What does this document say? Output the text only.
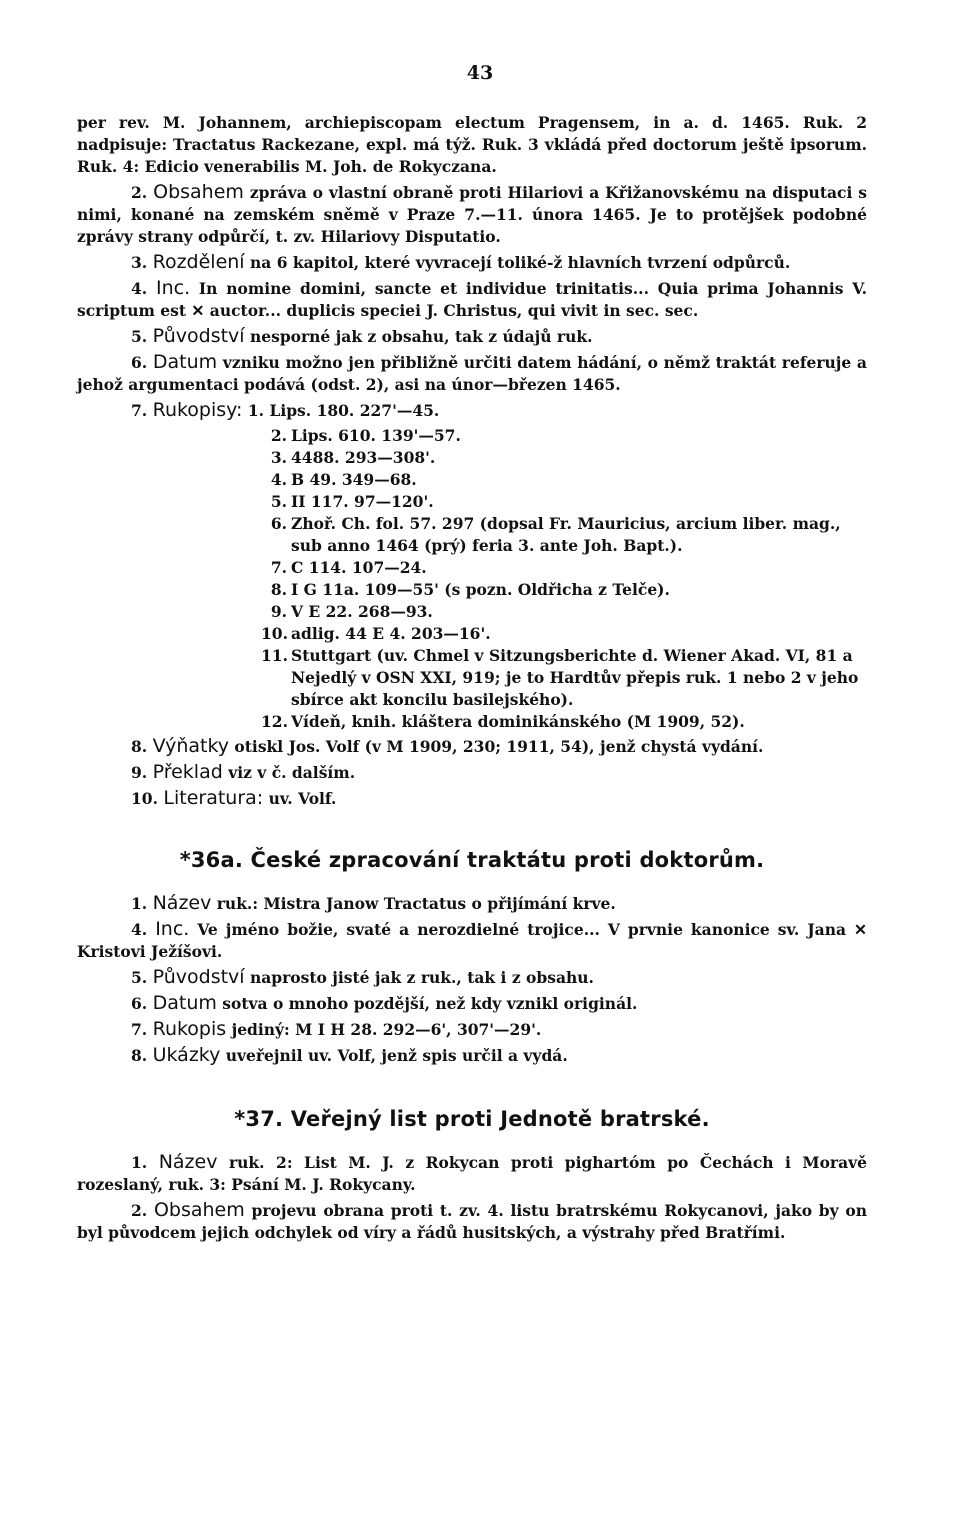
43

per rev. M. Johannem, archiepiscopam electum Pragensem, in a. d. 1465. Ruk. 2 nadpisuje: Tractatus Rackezane, expl. má týž. Ruk. 3 vkládá před doctorum ještě ipsorum. Ruk. 4: Edicio venerabilis M. Joh. de Rokyczana.

2. Obsahem zpráva o vlastní obraně proti Hilariovi a Křižanovskému na disputaci s nimi, konané na zemském sněmě v Praze 7.—11. února 1465. Je to protějšek podobné zprávy strany odpůrčí, t. zv. Hilariovy Disputatio.

3. Rozdělení na 6 kapitol, které vyvracejí toliké-ž hlavních tvrzení odpůrců.

4. Inc. In nomine domini, sancte et individue trinitatis... Quia prima Johannis V. scriptum est ✕ auctor... duplicis speciei J. Christus, qui vivit in sec. sec.

5. Původství nesporné jak z obsahu, tak z údajů ruk.

6. Datum vzniku možno jen přibližně určiti datem hádání, o němž traktát referuje a jehož argumentaci podává (odst. 2), asi na únor—březen 1465.

7. Rukopisy: 1. Lips. 180. 227'—45.

2. Lips. 610. 139'—57.
3. 4488. 293—308'.
4. B 49. 349—68.
5. II 117. 97—120'.
6. Zhoř. Ch. fol. 57. 297 (dopsal Fr. Mauricius, arcium liber. mag., sub anno 1464 (prý) feria 3. ante Joh. Bapt.).
7. C 114. 107—24.
8. I G 11a. 109—55' (s pozn. Oldřicha z Telče).
9. V E 22. 268—93.
10. adlig. 44 E 4. 203—16'.
11. Stuttgart (uv. Chmel v Sitzungsberichte d. Wiener Akad. VI, 81 a Nejedlý v OSN XXI, 919; je to Hardtův přepis ruk. 1 nebo 2 v jeho sbírce akt koncilu basilejského).
12. Vídeň, knih. kláštera dominikánského (M 1909, 52).

8. Výňatky otiskl Jos. Volf (v M 1909, 230; 1911, 54), jenž chystá vydání.

9. Překlad viz v č. dalším.

10. Literatura: uv. Volf.

*36a. České zpracování traktátu proti doktorům.

1. Název ruk.: Mistra Janow Tractatus o přijímání krve.

4. Inc. Ve jméno božie, svaté a nerozdielné trojice... V prvnie kanonice sv. Jana ✕ Kristovi Ježíšovi.

5. Původství naprosto jisté jak z ruk., tak i z obsahu.

6. Datum sotva o mnoho pozdější, než kdy vznikl originál.

7. Rukopis jediný: M I H 28. 292—6', 307'—29'.

8. Ukázky uveřejnil uv. Volf, jenž spis určil a vydá.

*37. Veřejný list proti Jednotě bratrské.

1. Název ruk. 2: List M. J. z Rokycan proti pighartóm po Čechách i Moravě rozeslaný, ruk. 3: Psání M. J. Rokycany.

2. Obsahem projevu obrana proti t. zv. 4. listu bratrskému Rokycanovi, jako by on byl původcem jejich odchylek od víry a řádů husitských, a výstrahy před Bratřími.
